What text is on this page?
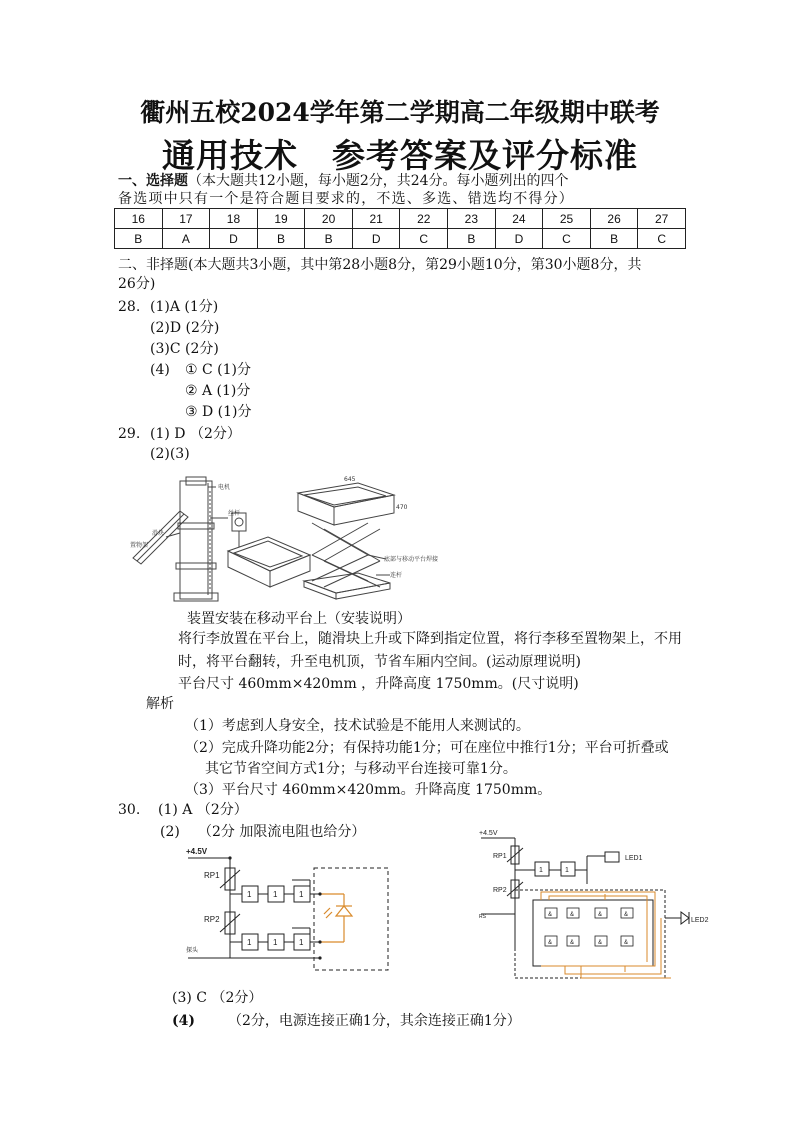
衢州五校2024学年第二学期高二年级期中联考
通用技术　参考答案及评分标准
一、选择题（本大题共12小题，每小题2分，共24分。每小题列出的四个
备选项中只有一个是符合题目要求的，不选、多选、错选均不得分）
16	17	18	19	20	21	22	23	24	25	26	27
B	A	D	B	B	D	C	B	D	C	B	C
二、非择题(本大题共3小题，其中第28小题8分，第29小题10分，第30小题8分，共
26分)
28. (1)A (1分)
(2)D (2分)
(3)C (2分)
(4) ① C (1)分
② A (1)分
③ D (1)分
29. (1) D （2分）
(2)(3)
电机
丝杆
滑块
置物架
645
470
底部与移动平台焊接
连杆
装置安装在移动平台上（安装说明）
将行李放置在平台上，随滑块上升或下降到指定位置，将行李移至置物架上，不用
时，将平台翻转，升至电机顶，节省车厢内空间。(运动原理说明)
平台尺寸 460mm×420mm ，升降高度 1750mm。(尺寸说明)
解析
（1）考虑到人身安全，技术试验是不能用人来测试的。
（2）完成升降功能2分；有保持功能1分；可在座位中推行1分；平台可折叠或
其它节省空间方式1分；与移动平台连接可靠1分。
（3）平台尺寸 460mm×420mm。升降高度 1750mm。
30. (1) A （2分）
(2) （2分 加限流电阻也给分）
+4.5V
RP1
RP2
1	1	1
1	1	1
探头
+4.5V
RP1
RP2
RS
1	1
LED1
LED2
&	&	&	&
&	&	&	&
(3) C （2分）
(4) （2分，电源连接正确1分，其余连接正确1分）
